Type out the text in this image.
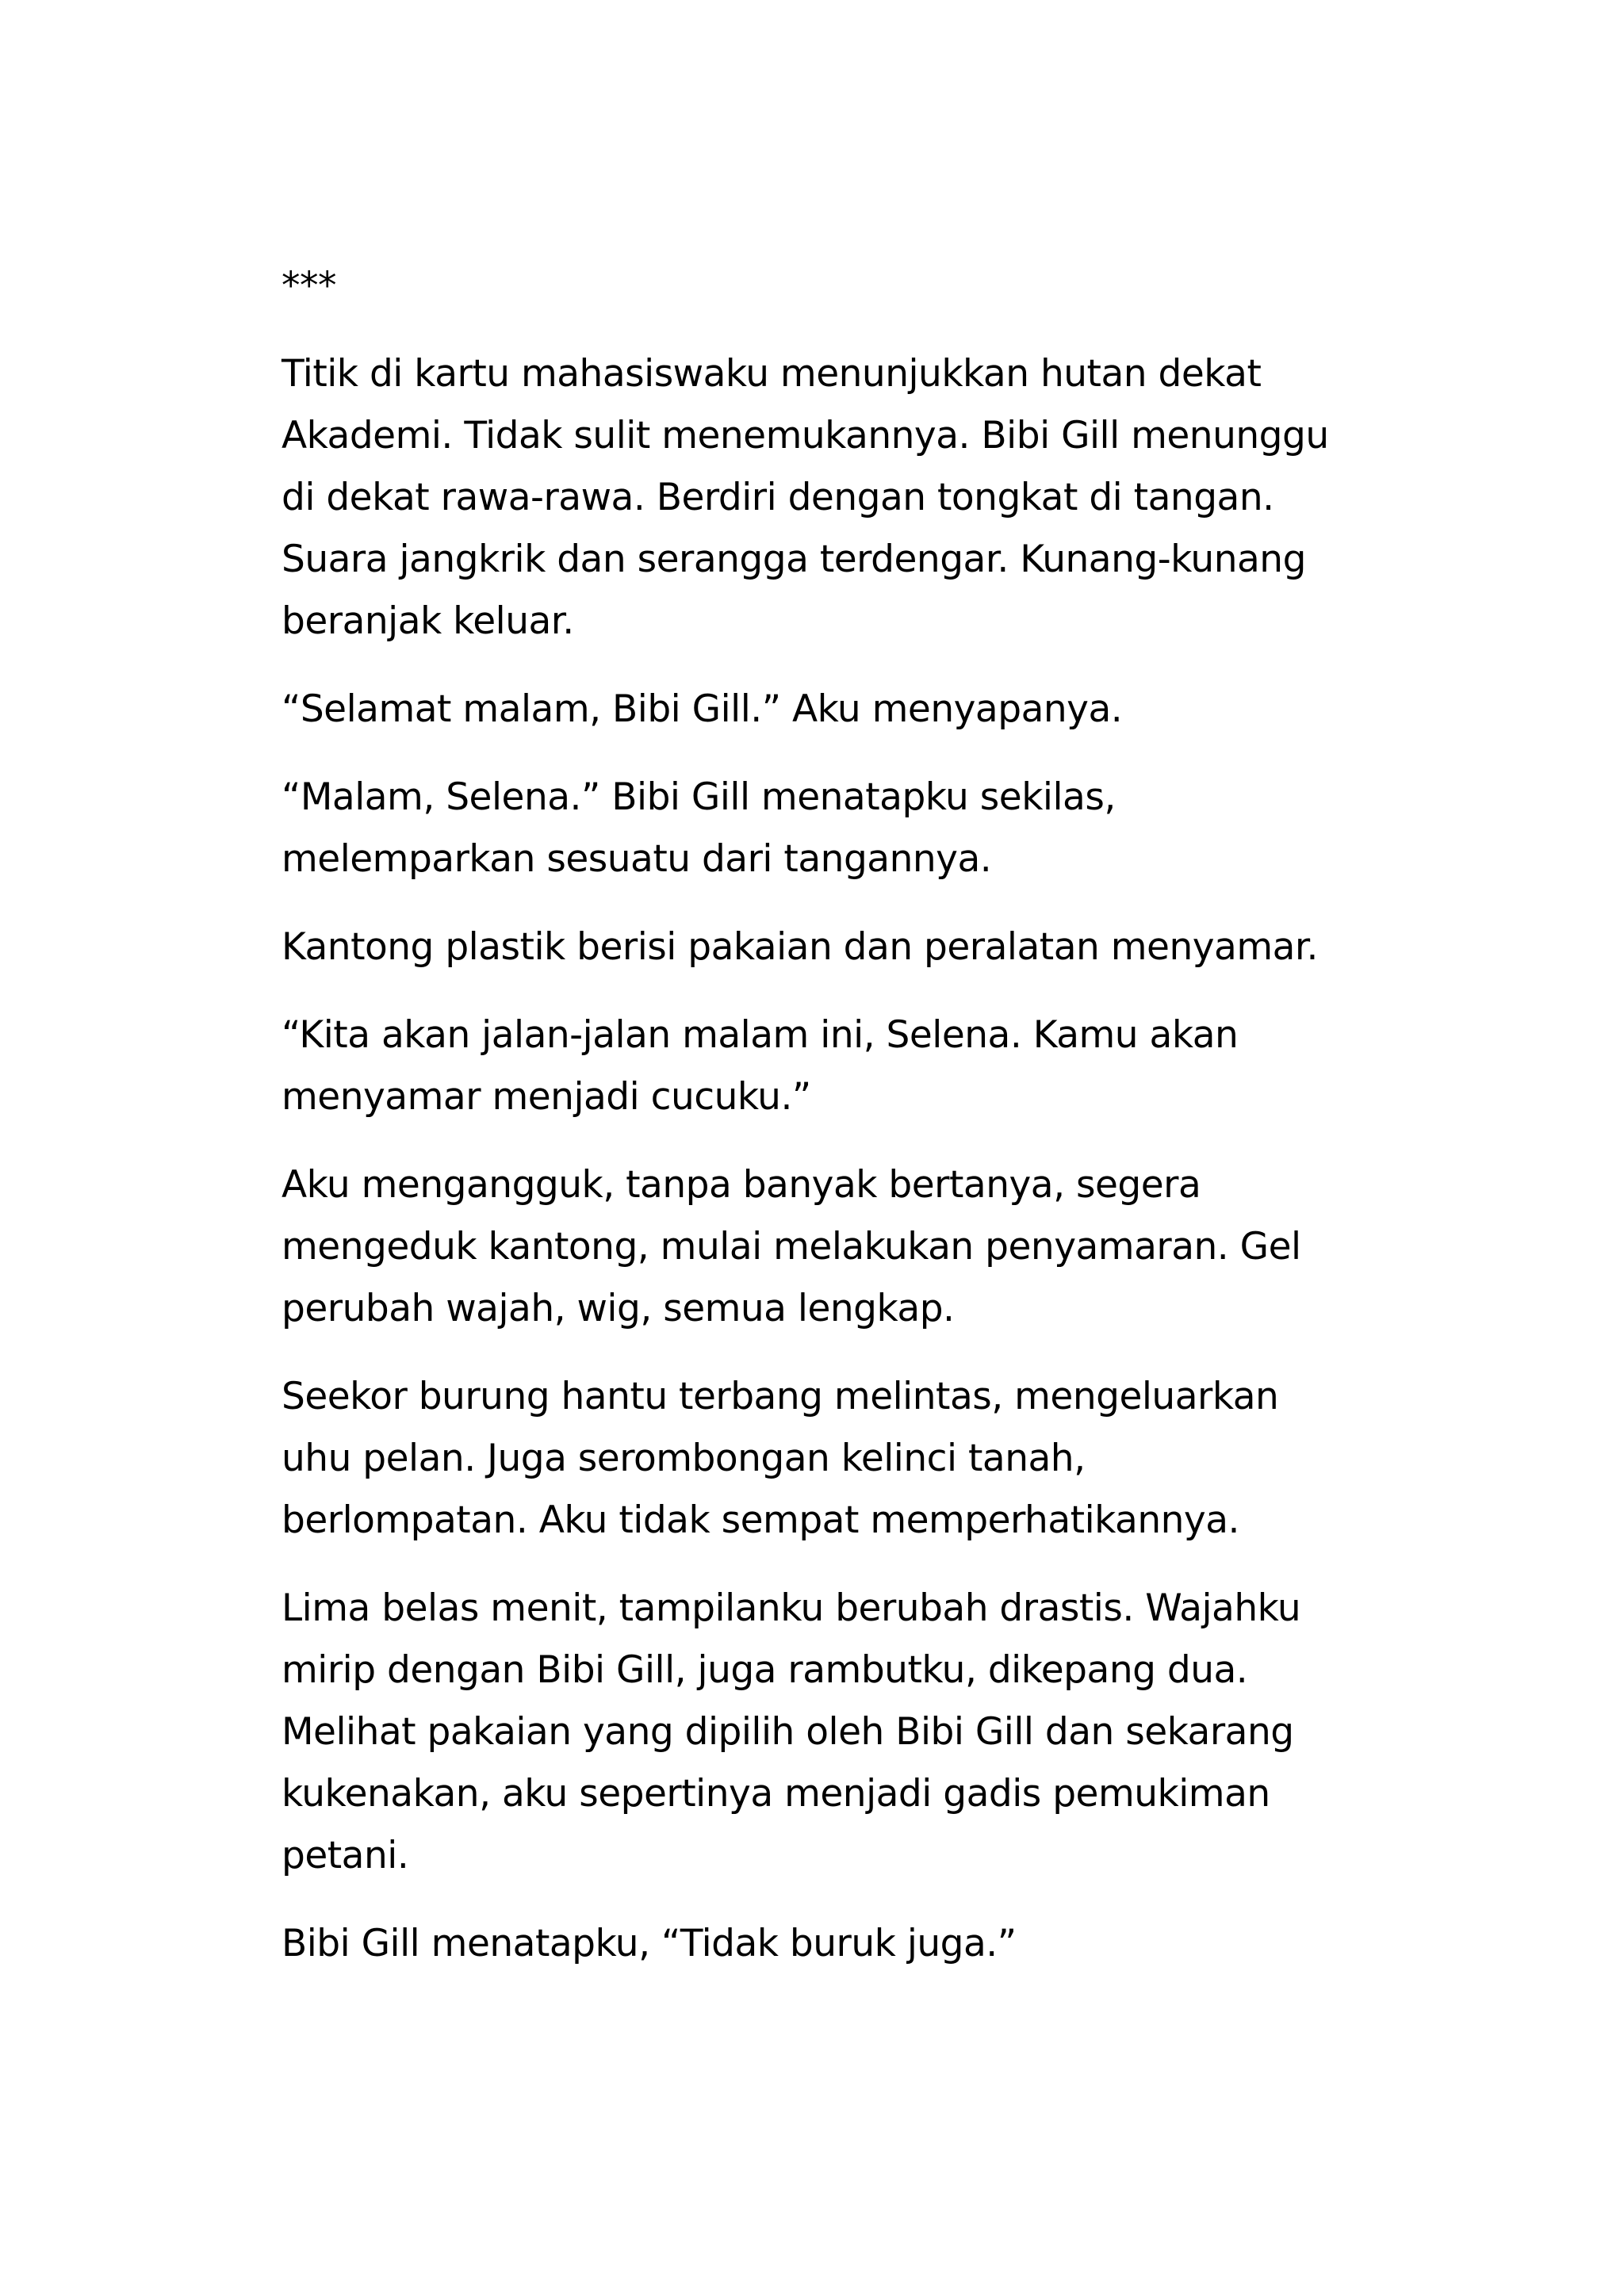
***

Titik di kartu mahasiswaku menunjukkan hutan dekat
Akademi. Tidak sulit menemukannya. Bibi Gill menunggu
di dekat rawa-rawa. Berdiri dengan tongkat di tangan.
Suara jangkrik dan serangga terdengar. Kunang-kunang
beranjak keluar.

“Selamat malam, Bibi Gill.” Aku menyapanya.

“Malam, Selena.” Bibi Gill menatapku sekilas,
melemparkan sesuatu dari tangannya.

Kantong plastik berisi pakaian dan peralatan menyamar.

“Kita akan jalan-jalan malam ini, Selena. Kamu akan
menyamar menjadi cucuku.”

Aku mengangguk, tanpa banyak bertanya, segera
mengeduk kantong, mulai melakukan penyamaran. Gel
perubah wajah, wig, semua lengkap.

Seekor burung hantu terbang melintas, mengeluarkan
uhu pelan. Juga serombongan kelinci tanah,
berlompatan. Aku tidak sempat memperhatikannya.

Lima belas menit, tampilanku berubah drastis. Wajahku
mirip dengan Bibi Gill, juga rambutku, dikepang dua.
Melihat pakaian yang dipilih oleh Bibi Gill dan sekarang
kukenakan, aku sepertinya menjadi gadis pemukiman
petani.

Bibi Gill menatapku, “Tidak buruk juga.”
